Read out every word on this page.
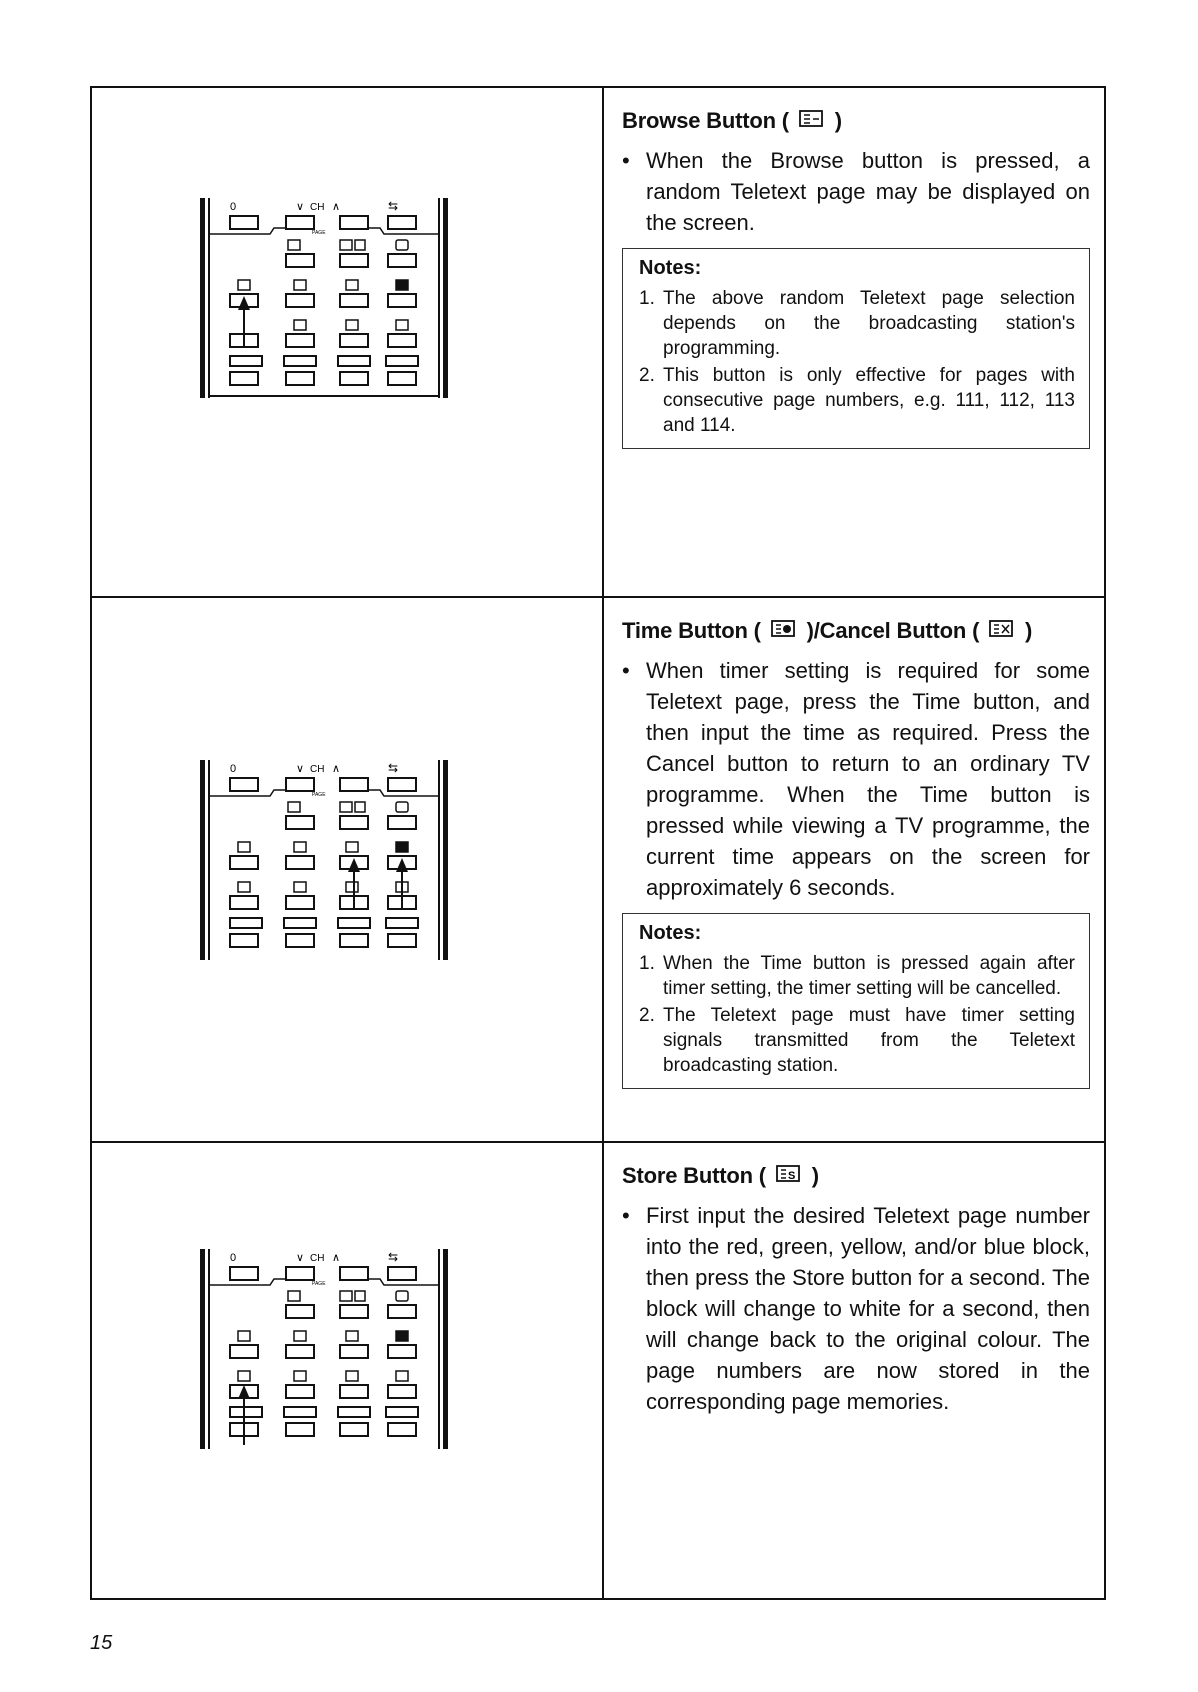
0	∨ CH ∧	⇆
PAGE
Browse Button ( )
• When the Browse button is pressed, a random Teletext page may be displayed on the screen.
Notes:
1. The above random Teletext page selection depends on the broadcasting station's programming.
2. This button is only effective for pages with consecutive page numbers, e.g. 111, 112, 113 and 114.
0	∨ CH ∧	⇆
PAGE
Time Button ( )/Cancel Button ( )
• When timer setting is required for some Teletext page, press the Time button, and then input the time as required. Press the Cancel button to return to an ordinary TV programme. When the Time button is pressed while viewing a TV programme, the current time appears on the screen for approximately 6 seconds.
Notes:
1. When the Time button is pressed again after timer setting, the timer setting will be cancelled.
2. The Teletext page must have timer setting signals transmitted from the Teletext broadcasting station.
0	∨ CH ∧	⇆
PAGE
Store Button ( S )
• First input the desired Teletext page number into the red, green, yellow, and/or blue block, then press the Store button for a second. The block will change to white for a second, then will change back to the original colour. The page numbers are now stored in the corresponding page memories.
15
